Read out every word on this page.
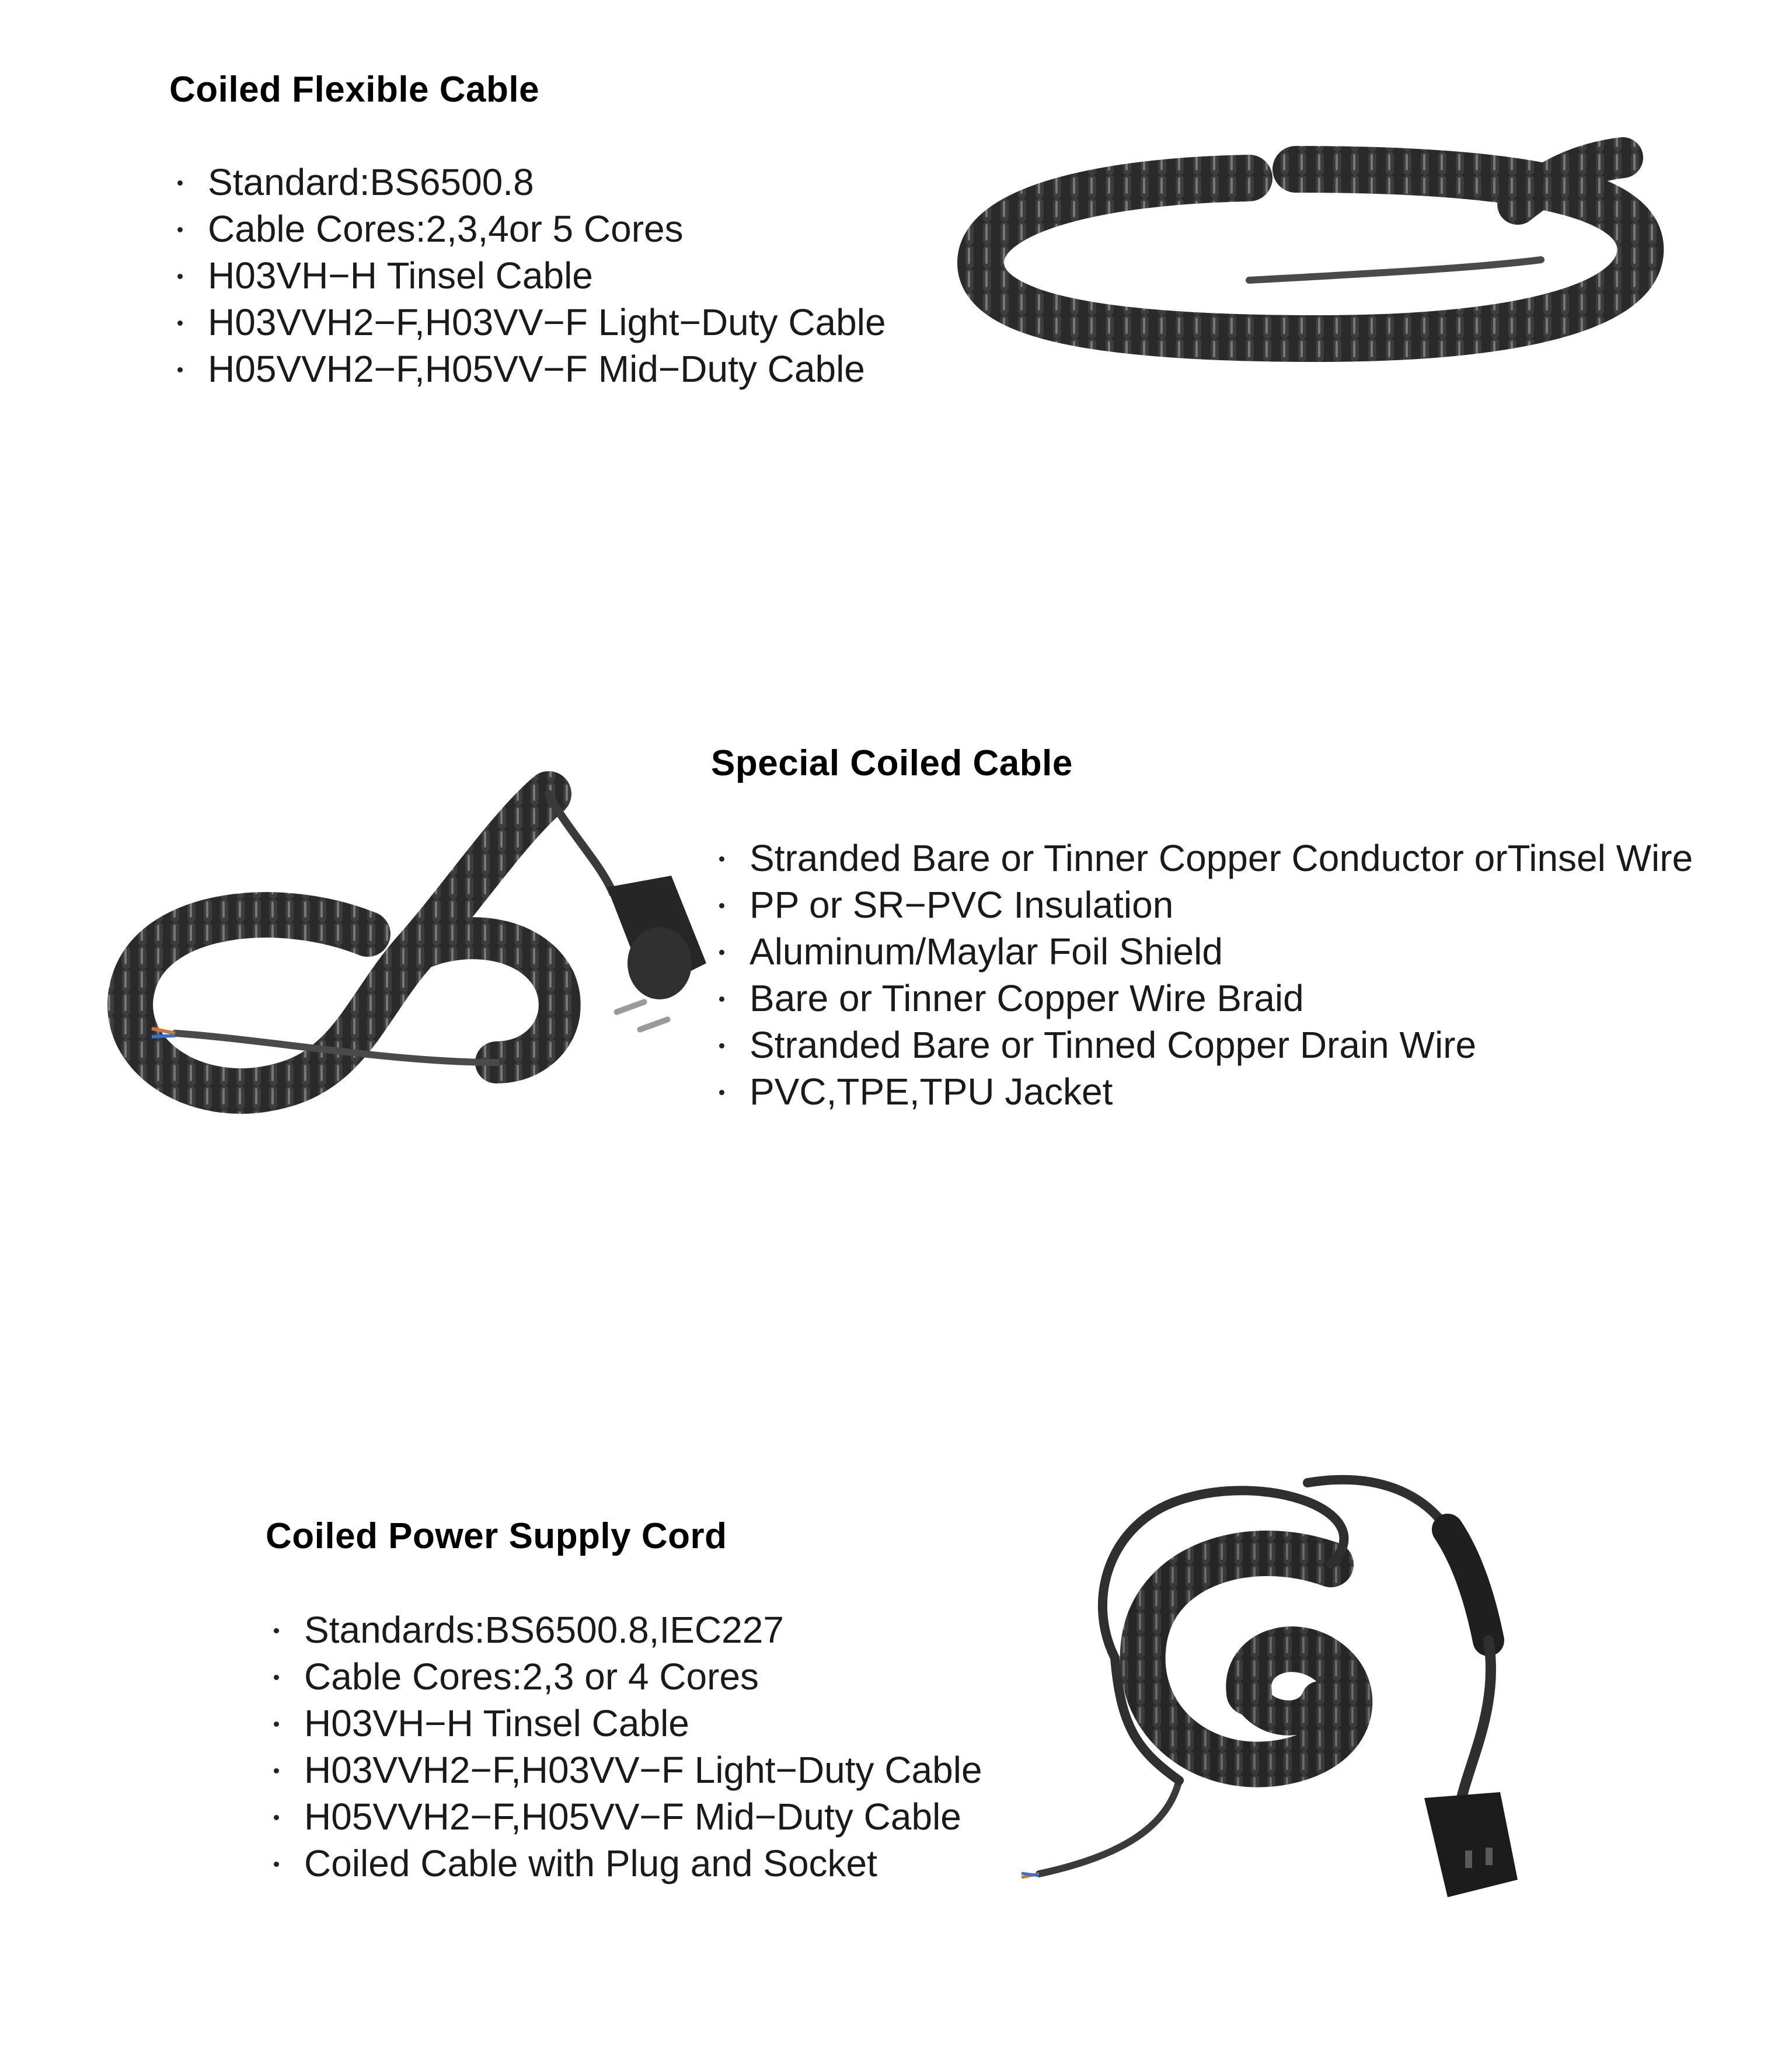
Coiled Flexible Cable
Standard:BS6500.8
Cable Cores:2,3,4or 5 Cores
H03VH−H Tinsel Cable
H03VVH2−F,H03VV−F Light−Duty Cable
H05VVH2−F,H05VV−F Mid−Duty Cable
Special Coiled Cable
Stranded Bare or Tinner Copper Conductor orTinsel Wire
PP or SR−PVC Insulation
Aluminum/Maylar Foil Shield
Bare or Tinner Copper Wire Braid
Stranded Bare or Tinned Copper Drain Wire
PVC,TPE,TPU Jacket
Coiled Power Supply Cord
Standards:BS6500.8,IEC227
Cable Cores:2,3 or 4 Cores
H03VH−H Tinsel Cable
H03VVH2−F,H03VV−F Light−Duty Cable
H05VVH2−F,H05VV−F Mid−Duty Cable
Coiled Cable with Plug and Socket
